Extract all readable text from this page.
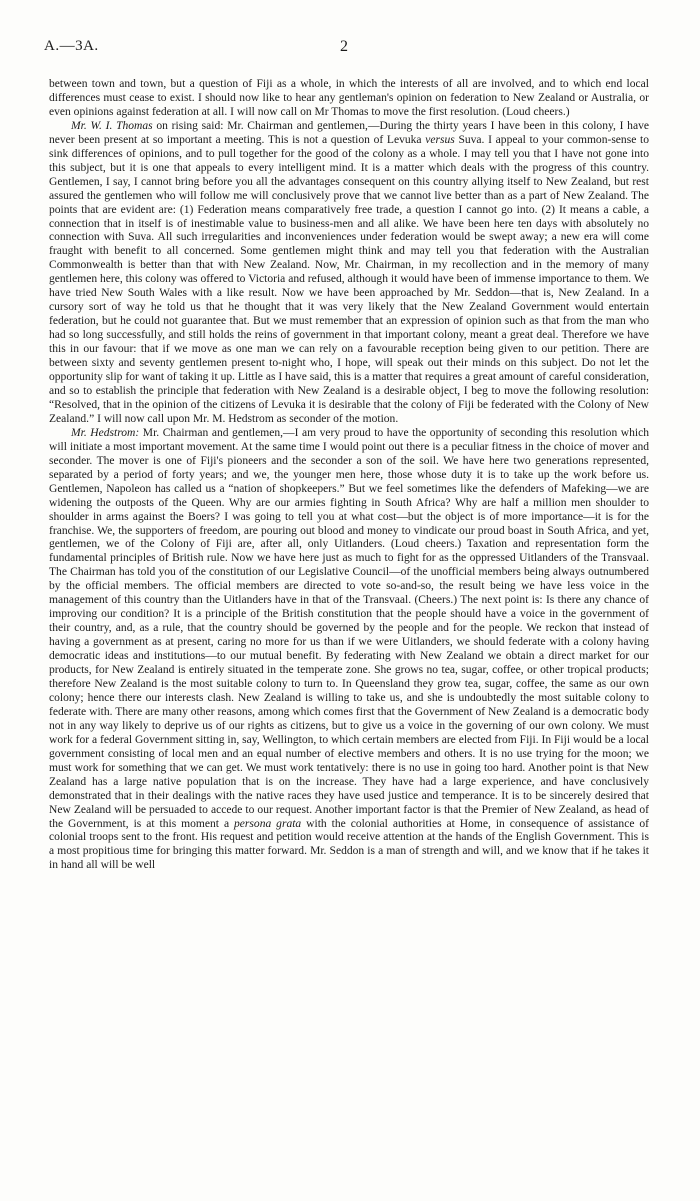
A.—3A.	2

between town and town, but a question of Fiji as a whole, in which the interests of all are involved, and to which end local differences must cease to exist. I should now like to hear any gentleman's opinion on federation to New Zealand or Australia, or even opinions against federation at all. I will now call on Mr Thomas to move the first resolution. (Loud cheers.)

Mr. W. I. Thomas on rising said: Mr. Chairman and gentlemen,—During the thirty years I have been in this colony, I have never been present at so important a meeting. This is not a question of Levuka versus Suva. I appeal to your common-sense to sink differences of opinions, and to pull together for the good of the colony as a whole. I may tell you that I have not gone into this subject, but it is one that appeals to every intelligent mind. It is a matter which deals with the progress of this country. Gentlemen, I say, I cannot bring before you all the advantages consequent on this country allying itself to New Zealand, but rest assured the gentlemen who will follow me will conclusively prove that we cannot live better than as a part of New Zealand. The points that are evident are: (1) Federation means comparatively free trade, a question I cannot go into. (2) It means a cable, a connection that in itself is of inestimable value to business-men and all alike. We have been here ten days with absolutely no connection with Suva. All such irregularities and inconveniences under federation would be swept away; a new era will come fraught with benefit to all concerned. Some gentlemen might think and may tell you that federation with the Australian Commonwealth is better than that with New Zealand. Now, Mr. Chairman, in my recollection and in the memory of many gentlemen here, this colony was offered to Victoria and refused, although it would have been of immense importance to them. We have tried New South Wales with a like result. Now we have been approached by Mr. Seddon—that is, New Zealand. In a cursory sort of way he told us that he thought that it was very likely that the New Zealand Government would entertain federation, but he could not guarantee that. But we must remember that an expression of opinion such as that from the man who had so long successfully, and still holds the reins of government in that important colony, meant a great deal. Therefore we have this in our favour: that if we move as one man we can rely on a favourable reception being given to our petition. There are between sixty and seventy gentlemen present to-night who, I hope, will speak out their minds on this subject. Do not let the opportunity slip for want of taking it up. Little as I have said, this is a matter that requires a great amount of careful consideration, and so to establish the principle that federation with New Zealand is a desirable object, I beg to move the following resolution: “Resolved, that in the opinion of the citizens of Levuka it is desirable that the colony of Fiji be federated with the Colony of New Zealand.” I will now call upon Mr. M. Hedstrom as seconder of the motion.

Mr. Hedstrom: Mr. Chairman and gentlemen,—I am very proud to have the opportunity of seconding this resolution which will initiate a most important movement. At the same time I would point out there is a peculiar fitness in the choice of mover and seconder. The mover is one of Fiji's pioneers and the seconder a son of the soil. We have here two generations represented, separated by a period of forty years; and we, the younger men here, those whose duty it is to take up the work before us. Gentlemen, Napoleon has called us a “nation of shopkeepers.” But we feel sometimes like the defenders of Mafeking—we are widening the outposts of the Queen. Why are our armies fighting in South Africa? Why are half a million men shoulder to shoulder in arms against the Boers? I was going to tell you at what cost—but the object is of more importance—it is for the franchise. We, the supporters of freedom, are pouring out blood and money to vindicate our proud boast in South Africa, and yet, gentlemen, we of the Colony of Fiji are, after all, only Uitlanders. (Loud cheers.) Taxation and representation form the fundamental principles of British rule. Now we have here just as much to fight for as the oppressed Uitlanders of the Transvaal. The Chairman has told you of the constitution of our Legislative Council—of the unofficial members being always outnumbered by the official members. The official members are directed to vote so-and-so, the result being we have less voice in the management of this country than the Uitlanders have in that of the Transvaal. (Cheers.) The next point is: Is there any chance of improving our condition? It is a principle of the British constitution that the people should have a voice in the government of their country, and, as a rule, that the country should be governed by the people and for the people. We reckon that instead of having a government as at present, caring no more for us than if we were Uitlanders, we should federate with a colony having democratic ideas and institutions—to our mutual benefit. By federating with New Zealand we obtain a direct market for our products, for New Zealand is entirely situated in the temperate zone. She grows no tea, sugar, coffee, or other tropical products; therefore New Zealand is the most suitable colony to turn to. In Queensland they grow tea, sugar, coffee, the same as our own colony; hence there our interests clash. New Zealand is willing to take us, and she is undoubtedly the most suitable colony to federate with. There are many other reasons, among which comes first that the Government of New Zealand is a democratic body not in any way likely to deprive us of our rights as citizens, but to give us a voice in the governing of our own colony. We must work for a federal Government sitting in, say, Wellington, to which certain members are elected from Fiji. In Fiji would be a local government consisting of local men and an equal number of elective members and others. It is no use trying for the moon; we must work for something that we can get. We must work tentatively: there is no use in going too hard. Another point is that New Zealand has a large native population that is on the increase. They have had a large experience, and have conclusively demonstrated that in their dealings with the native races they have used justice and temperance. It is to be sincerely desired that New Zealand will be persuaded to accede to our request. Another important factor is that the Premier of New Zealand, as head of the Government, is at this moment a persona grata with the colonial authorities at Home, in consequence of assistance of colonial troops sent to the front. His request and petition would receive attention at the hands of the English Government. This is a most propitious time for bringing this matter forward. Mr. Seddon is a man of strength and will, and we know that if he takes it in hand all will be well
